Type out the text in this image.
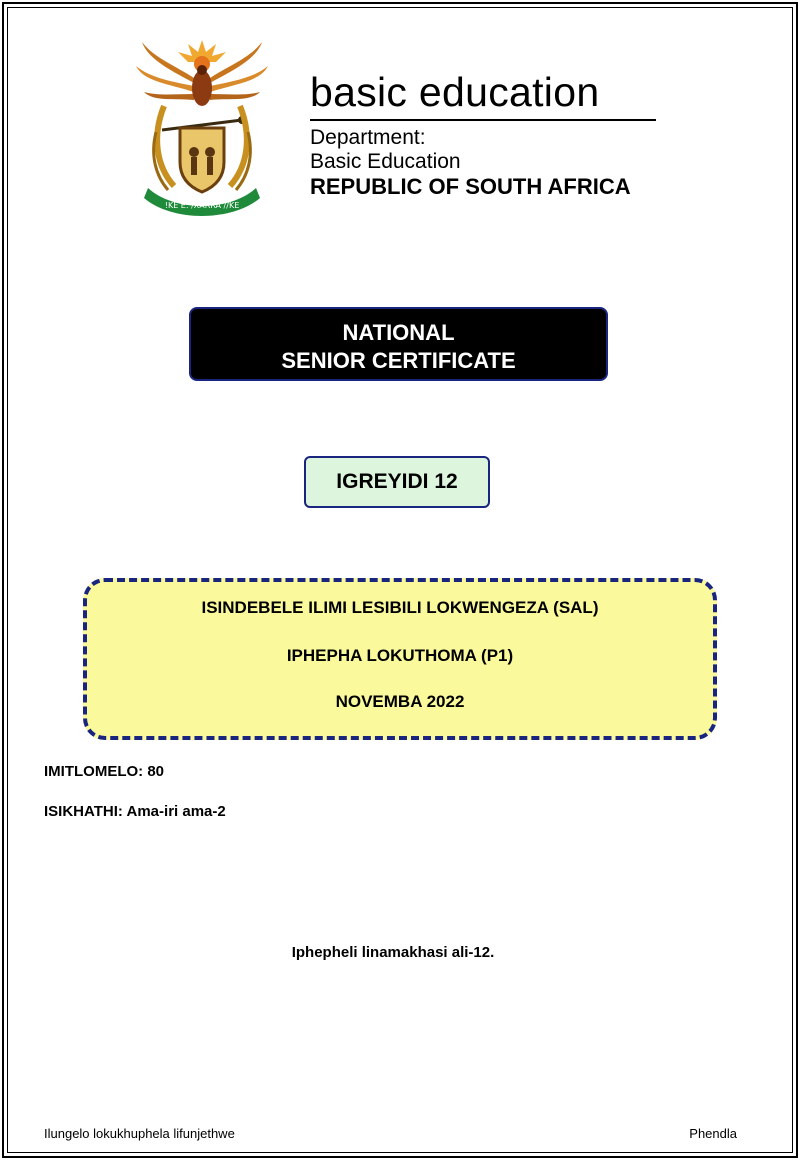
!KE E: /XARRA //KE
basic education
Department:
Basic Education
REPUBLIC OF SOUTH AFRICA
NATIONAL
SENIOR CERTIFICATE
IGREYIDI 12
ISINDEBELE ILIMI LESIBILI LOKWENGEZA (SAL)
IPHEPHA LOKUTHOMA (P1)
NOVEMBA 2022
IMITLOMELO: 80
ISIKHATHI: Ama-iri ama-2
Iphepheli linamakhasi ali-12.
Ilungelo lokukhuphela lifunjethwe	Phendla
